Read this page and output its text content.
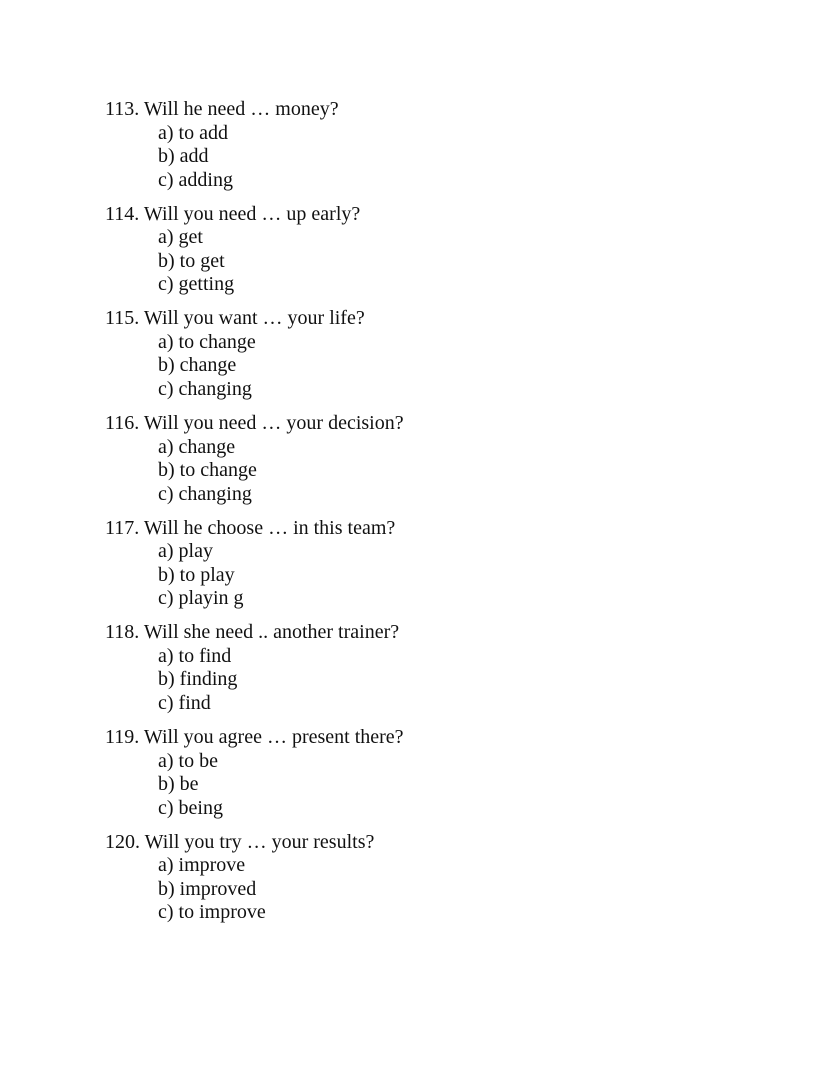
113. Will he need … money?
a) to add
b) add
c) adding
114. Will you need … up early?
a) get
b) to get
c) getting
115. Will you want … your life?
a) to change
b) change
c) changing
116. Will you need … your decision?
a) change
b) to change
c) changing
117. Will he choose … in this team?
a) play
b) to play
c) playin g
118. Will she need .. another trainer?
a) to find
b) finding
c) find
119. Will you agree … present there?
a) to be
b) be
c) being
120. Will you try … your results?
a) improve
b) improved
c) to improve
